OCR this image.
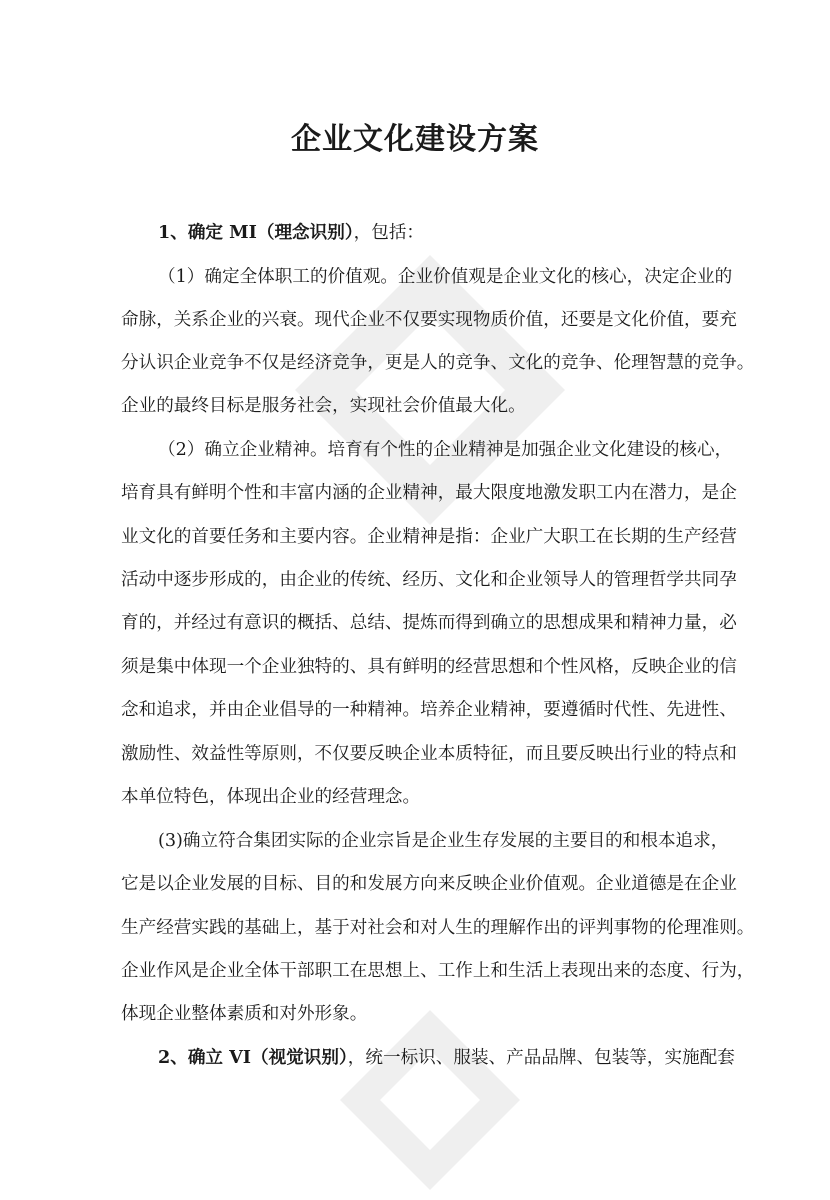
企业文化建设方案
1、确定 MI（理念识别），包括：
（1）确定全体职工的价值观。企业价值观是企业文化的核心，决定企业的
命脉，关系企业的兴衰。现代企业不仅要实现物质价值，还要是文化价值，要充
分认识企业竞争不仅是经济竞争，更是人的竞争、文化的竞争、伦理智慧的竞争。
企业的最终目标是服务社会，实现社会价值最大化。
（2）确立企业精神。培育有个性的企业精神是加强企业文化建设的核心，
培育具有鲜明个性和丰富内涵的企业精神，最大限度地激发职工内在潜力，是企
业文化的首要任务和主要内容。企业精神是指：企业广大职工在长期的生产经营
活动中逐步形成的，由企业的传统、经历、文化和企业领导人的管理哲学共同孕
育的，并经过有意识的概括、总结、提炼而得到确立的思想成果和精神力量，必
须是集中体现一个企业独特的、具有鲜明的经营思想和个性风格，反映企业的信
念和追求，并由企业倡导的一种精神。培养企业精神，要遵循时代性、先进性、
激励性、效益性等原则，不仅要反映企业本质特征，而且要反映出行业的特点和
本单位特色，体现出企业的经营理念。
(3)确立符合集团实际的企业宗旨是企业生存发展的主要目的和根本追求，
它是以企业发展的目标、目的和发展方向来反映企业价值观。企业道德是在企业
生产经营实践的基础上，基于对社会和对人生的理解作出的评判事物的伦理准则。
企业作风是企业全体干部职工在思想上、工作上和生活上表现出来的态度、行为，
体现企业整体素质和对外形象。
2、确立 VI（视觉识别），统一标识、服装、产品品牌、包装等，实施配套
